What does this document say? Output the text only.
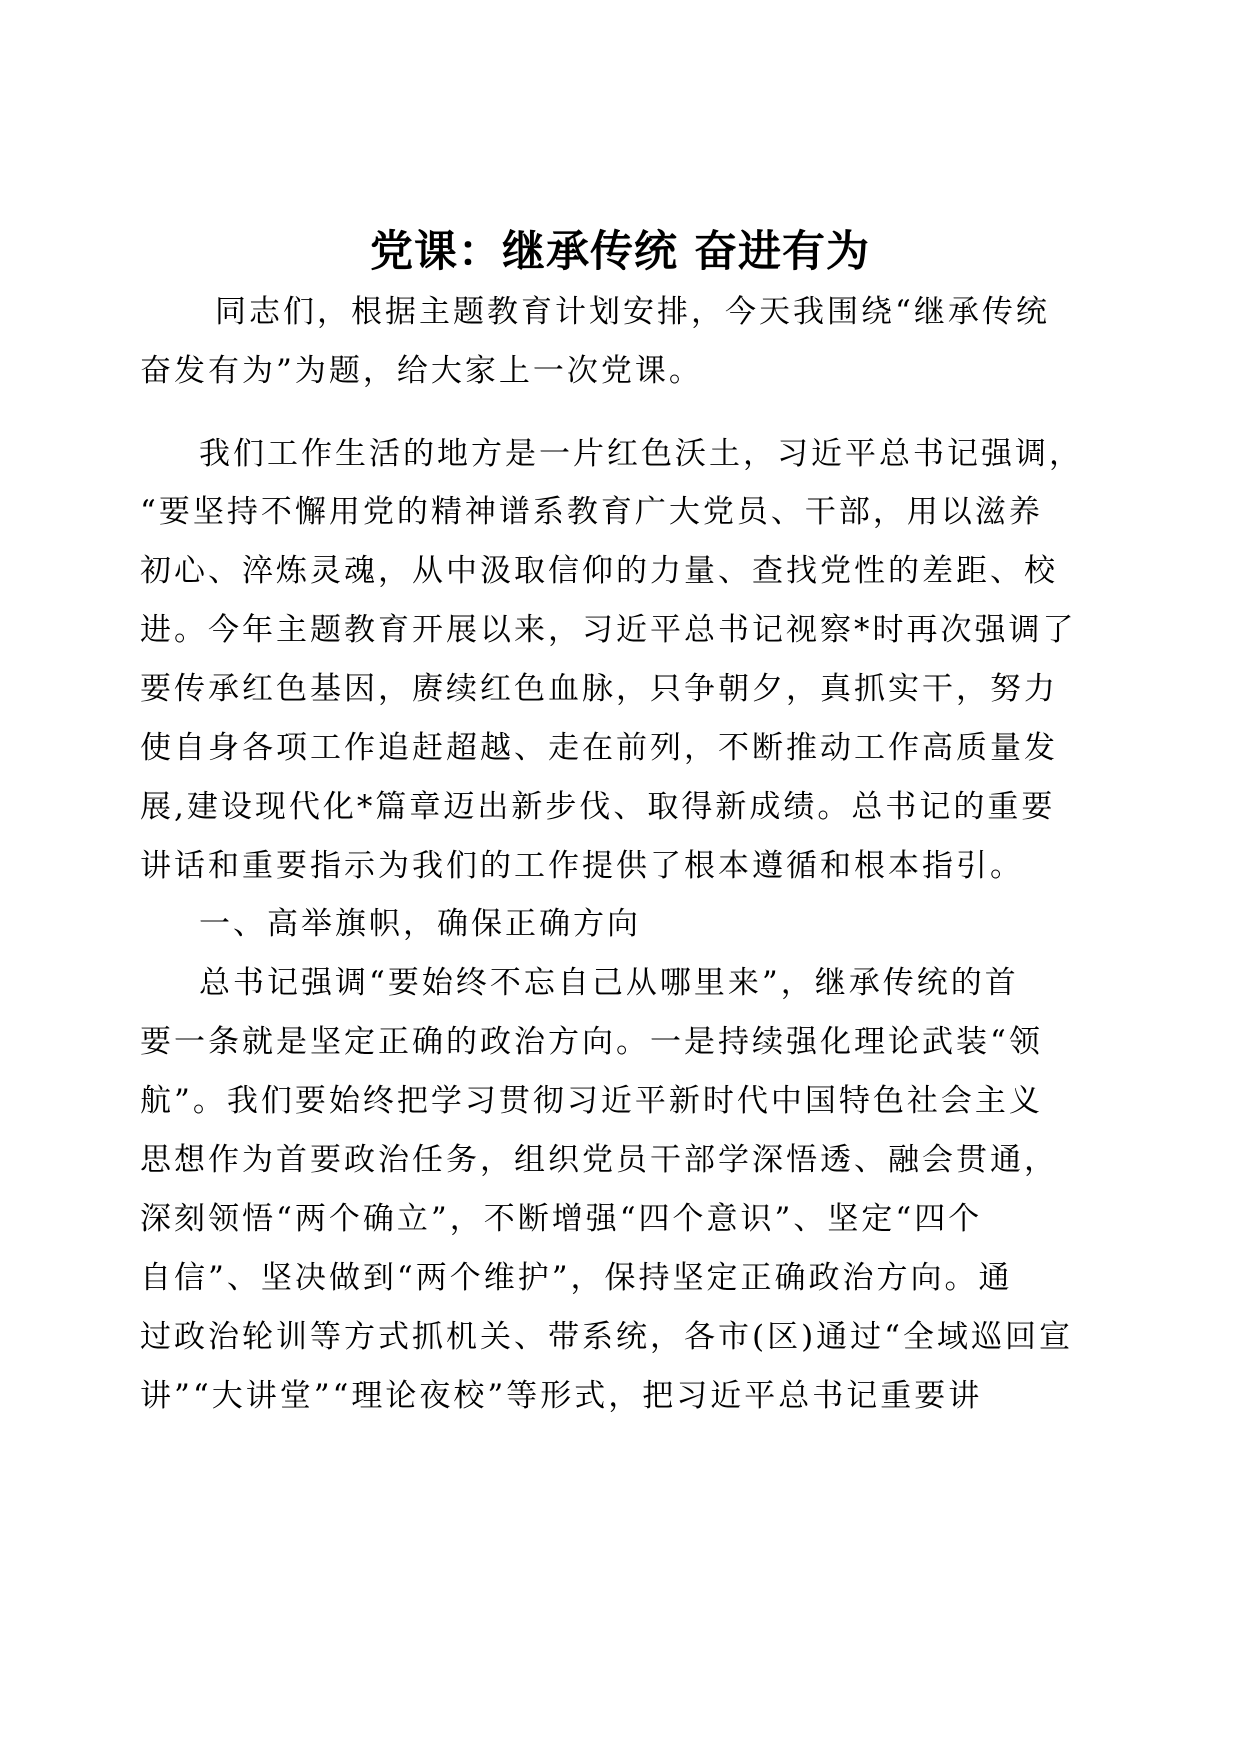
党课：继承传统 奋进有为
同志们，根据主题教育计划安排，今天我围绕“继承传统
奋发有为”为题，给大家上一次党课。
我们工作生活的地方是一片红色沃土，习近平总书记强调，
“要坚持不懈用党的精神谱系教育广大党员、干部，用以滋养
初心、淬炼灵魂，从中汲取信仰的力量、查找党性的差距、校
进。今年主题教育开展以来，习近平总书记视察*时再次强调了
要传承红色基因，赓续红色血脉，只争朝夕，真抓实干，努力
使自身各项工作追赶超越、走在前列，不断推动工作高质量发
展,建设现代化*篇章迈出新步伐、取得新成绩。总书记的重要
讲话和重要指示为我们的工作提供了根本遵循和根本指引。
一、高举旗帜，确保正确方向
总书记强调“要始终不忘自己从哪里来”，继承传统的首
要一条就是坚定正确的政治方向。一是持续强化理论武装“领
航”。我们要始终把学习贯彻习近平新时代中国特色社会主义
思想作为首要政治任务，组织党员干部学深悟透、融会贯通，
深刻领悟“两个确立”，不断增强“四个意识”、坚定“四个
自信”、坚决做到“两个维护”，保持坚定正确政治方向。通
过政治轮训等方式抓机关、带系统，各市(区)通过“全域巡回宣
讲”“大讲堂”“理论夜校”等形式，把习近平总书记重要讲
